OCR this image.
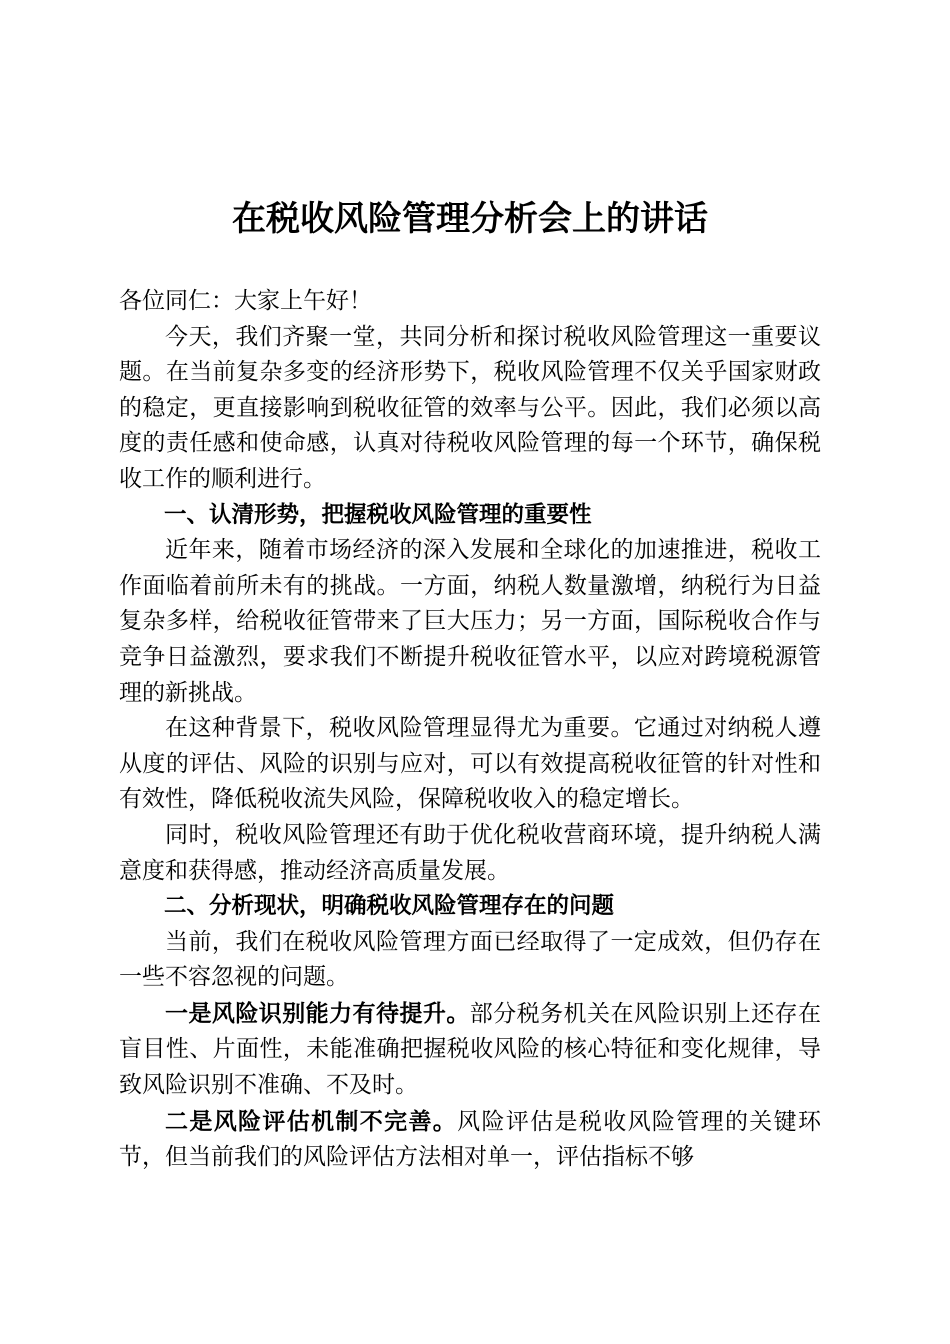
在税收风险管理分析会上的讲话

各位同仁：大家上午好！

今天，我们齐聚一堂，共同分析和探讨税收风险管理这一重要议题。在当前复杂多变的经济形势下，税收风险管理不仅关乎国家财政的稳定，更直接影响到税收征管的效率与公平。因此，我们必须以高度的责任感和使命感，认真对待税收风险管理的每一个环节，确保税收工作的顺利进行。

一、认清形势，把握税收风险管理的重要性

近年来，随着市场经济的深入发展和全球化的加速推进，税收工作面临着前所未有的挑战。一方面，纳税人数量激增，纳税行为日益复杂多样，给税收征管带来了巨大压力；另一方面，国际税收合作与竞争日益激烈，要求我们不断提升税收征管水平，以应对跨境税源管理的新挑战。

在这种背景下，税收风险管理显得尤为重要。它通过对纳税人遵从度的评估、风险的识别与应对，可以有效提高税收征管的针对性和有效性，降低税收流失风险，保障税收收入的稳定增长。

同时，税收风险管理还有助于优化税收营商环境，提升纳税人满意度和获得感，推动经济高质量发展。

二、分析现状，明确税收风险管理存在的问题

当前，我们在税收风险管理方面已经取得了一定成效，但仍存在一些不容忽视的问题。

一是风险识别能力有待提升。部分税务机关在风险识别上还存在盲目性、片面性，未能准确把握税收风险的核心特征和变化规律，导致风险识别不准确、不及时。

二是风险评估机制不完善。风险评估是税收风险管理的关键环节，但当前我们的风险评估方法相对单一，评估指标不够
